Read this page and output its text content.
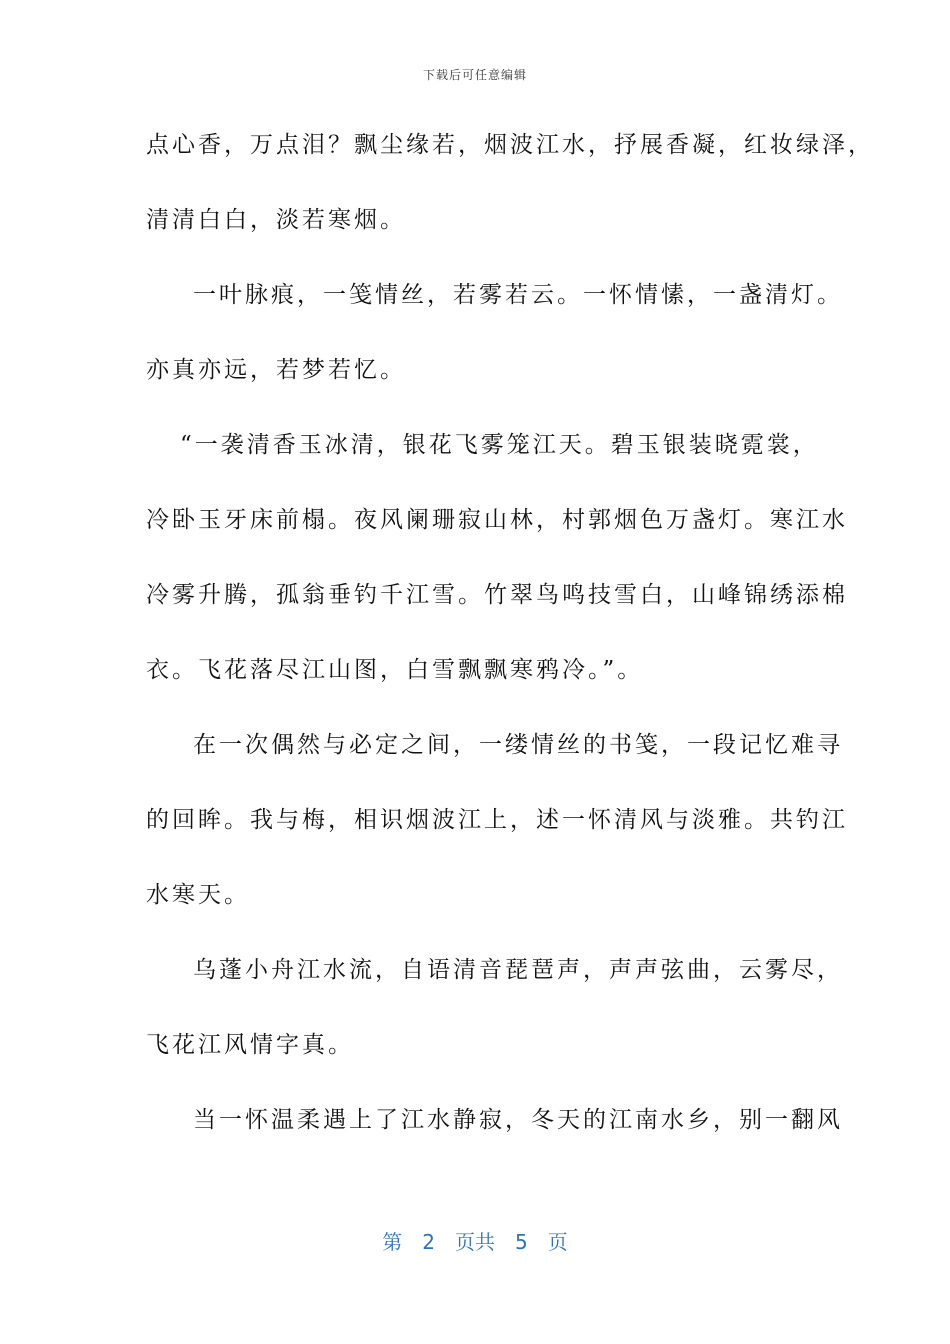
下载后可任意编辑
点心香，万点泪？飘尘缘若，烟波江水，抒展香凝，红妆绿泽，
清清白白，淡若寒烟。
一叶脉痕，一笺情丝，若雾若云。一怀情愫，一盏清灯。
亦真亦远，若梦若忆。
“一袭清香玉冰清，银花飞雾笼江天。碧玉银装晓霓裳，
冷卧玉牙床前榻。夜风阑珊寂山林，村郭烟色万盏灯。寒江水
冷雾升腾，孤翁垂钓千江雪。竹翠鸟鸣技雪白，山峰锦绣添棉
衣。飞花落尽江山图，白雪飘飘寒鸦冷。”。
在一次偶然与必定之间，一缕情丝的书笺，一段记忆难寻
的回眸。我与梅，相识烟波江上，述一怀清风与淡雅。共钓江
水寒天。
乌蓬小舟江水流，自语清音琵琶声，声声弦曲，云雾尽，
飞花江风情字真。
当一怀温柔遇上了江水静寂，冬天的江南水乡，别一翻风
第 2 页共 5 页
